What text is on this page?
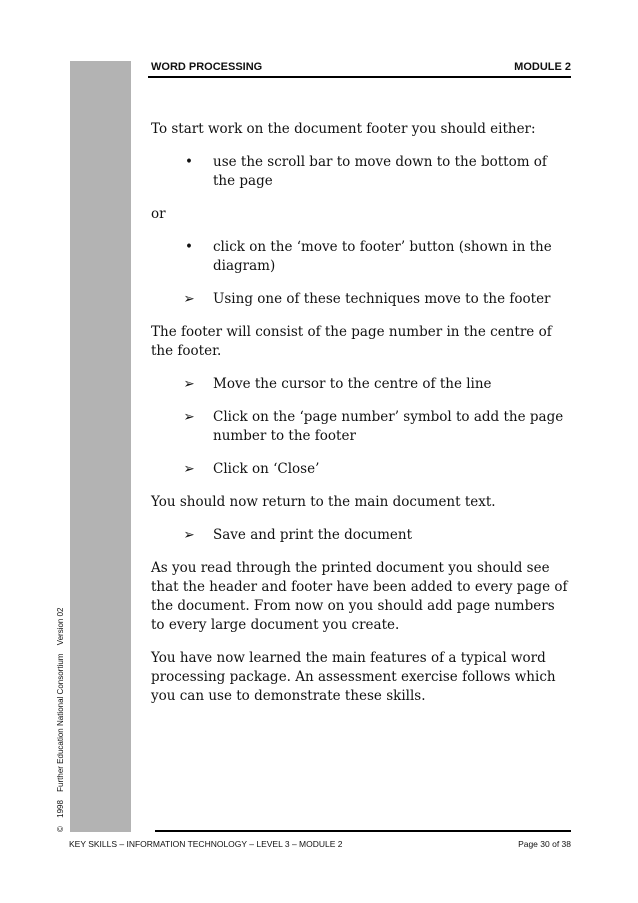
© 1998 Further Education National Consortium Version 02
WORD PROCESSING	MODULE 2
To start work on the document footer you should either:
•	use the scroll bar to move down to the bottom of the page
or
•	click on the ‘move to footer’ button (shown in the diagram)
➢	Using one of these techniques move to the footer
The footer will consist of the page number in the centre of the footer.
➢	Move the cursor to the centre of the line
➢	Click on the ‘page number’ symbol to add the page number to the footer
➢	Click on ‘Close’
You should now return to the main document text.
➢	Save and print the document
As you read through the printed document you should see that the header and footer have been added to every page of the document. From now on you should add page numbers to every large document you create.
You have now learned the main features of a typical word processing package. An assessment exercise follows which you can use to demonstrate these skills.
KEY SKILLS – INFORMATION TECHNOLOGY – LEVEL 3 – MODULE 2	Page 30 of 38
